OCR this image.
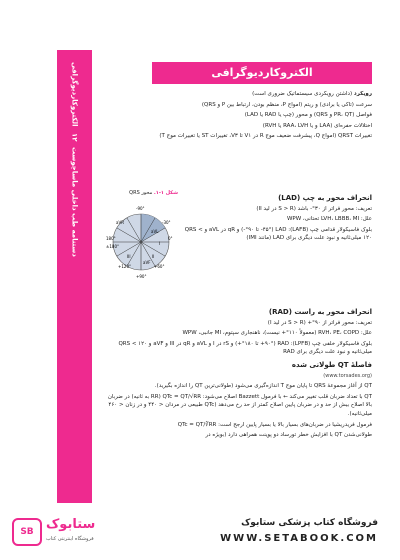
الکتروکاردیوگرافی
۱۲
دستنامه طب داخلی ماساچوست
الکتروکاردیوگرافی
رویکرد (داشتن رویکردی سیستماتیک ضروری است)
سرعت (تاکی یا برادی) و ریتم (امواج P، منظم بودن، ارتباط بین P و QRS)
فواصل (PR، QT و QRS) و محور (چپ یا RAD یا LAD)
اختلالات حفره‌ای (LAA و یا RAA، LVH یا RVH)
تغییرات QRST (امواج Q، پیشرفت ضعیف موج R در V۱ تا V۳، تغییرات ST یا تغییرات موج T)
شکل ۱-۱. محور QRS
-90°
-30°
0°
+90°
180°
+60°
+120°
aVR
aVL
I
II
III
aVF
±180°
انحراف محور به چپ (LAD)
تعریف: محور فراتر از ۳۰°- باشد (S > R در لید II)
علل: LVH، LBBB، MI تحتانی، WPW
بلوک فاسیکولار قدامی چپ (LAFB): LAD (۴۵°- تا ۹۰°-) و qR در aVL و QRS < ۱۲۰ میلی‌ثانیه و نبود علت دیگری برای LAD (مانند IMI)
انحراف محور به راست (RAD)
تعریف: محور فراتر از ۹۰°+ (S > R در لید I)
علل: RVH، PE، COPD (معمولاً ۱۱۰°+ نیست)، ناهنجاری سپتوم، MI جانبی، WPW
بلوک فاسیکولار خلفی چپ (LPFB): RAD (۹۰°+ تا ۱۸۰°+) و rS در I و aVL و qR در III و aVF و QRS < ۱۲۰ میلی‌ثانیه و نبود علت دیگری برای RAD
فاصلهٔ QT طولانی شده
(www.torsades.org)
QT از آغاز مجموعهٔ QRS تا پایان موج T اندازه‌گیری می‌شود (طولانی‌ترین QT را اندازه بگیرید).
QT با تعداد ضربان قلب تغییر می‌کند ← با فرمول Bazzett اصلاح می‌شود: QTc = QT/√RR (RR به ثانیه) در ضربان بالا اصلاح بیش از حد و در ضربان پایین اصلاح کمتر از حد رخ می‌دهد (QTc طبیعی در مردان < ۴۴۰ و در زنان < ۴۶۰ میلی‌ثانیه).
فرمول فریدریشیا در ضربان‌های بسیار بالا یا بسیار پایین ارجح است: QTc = QT/∛RR
طولانی‌شدن QT با افزایش خطر تورساد دو پوینت همراهی دارد (بویژه در
SB ستابوک
فروشگاه اینترنتی کتاب
فروشگاه کتاب پزشکی ستابوک
WWW.SETABOOK.COM
